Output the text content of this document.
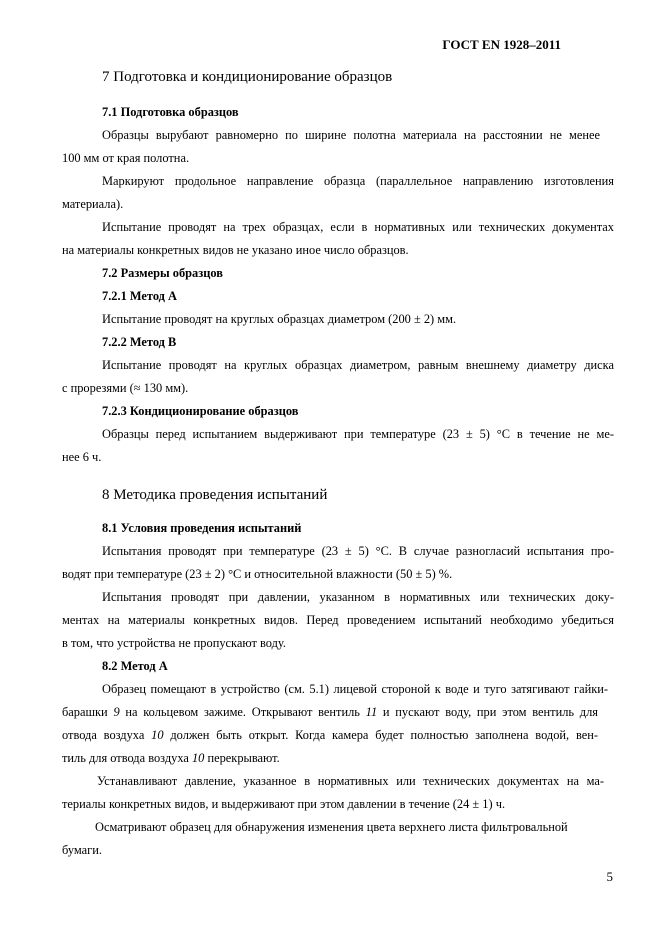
ГОСТ EN 1928–2011
7 Подготовка и кондиционирование образцов
7.1 Подготовка образцов
Образцы вырубают равномерно по ширине полотна материала на расстоянии не менее
100 мм от края полотна.
Маркируют продольное направление образца (параллельное направлению изготовления
материала).
Испытание проводят на трех образцах, если в нормативных или технических документах
на материалы конкретных видов не указано иное число образцов.
7.2 Размеры образцов
7.2.1 Метод А
Испытание проводят на круглых образцах диаметром (200 ± 2) мм.
7.2.2 Метод В
Испытание проводят на круглых образцах диаметром, равным внешнему диаметру диска
с прорезями (≈ 130 мм).
7.2.3 Кондиционирование образцов
Образцы перед испытанием выдерживают при температуре (23 ± 5) °С в течение не ме-
нее 6 ч.
8 Методика проведения испытаний
8.1 Условия проведения испытаний
Испытания проводят при температуре (23 ± 5) °С. В случае разногласий испытания про-
водят при температуре (23 ± 2) °С и относительной влажности (50 ± 5) %.
Испытания проводят при давлении, указанном в нормативных или технических доку-
ментах на материалы конкретных видов. Перед проведением испытаний необходимо убедиться
в том, что устройства не пропускают воду.
8.2 Метод А
Образец помещают в устройство (см. 5.1) лицевой стороной к воде и туго затягивают гайки-
барашки 9 на кольцевом зажиме. Открывают вентиль 11 и пускают воду, при этом вентиль для
отвода воздуха 10 должен быть открыт. Когда камера будет полностью заполнена водой, вен-
тиль для отвода воздуха 10 перекрывают.
Устанавливают давление, указанное в нормативных или технических документах на ма-
териалы конкретных видов, и выдерживают при этом давлении в течение (24 ± 1) ч.
Осматривают образец для обнаружения изменения цвета верхнего листа фильтровальной
бумаги.
5
